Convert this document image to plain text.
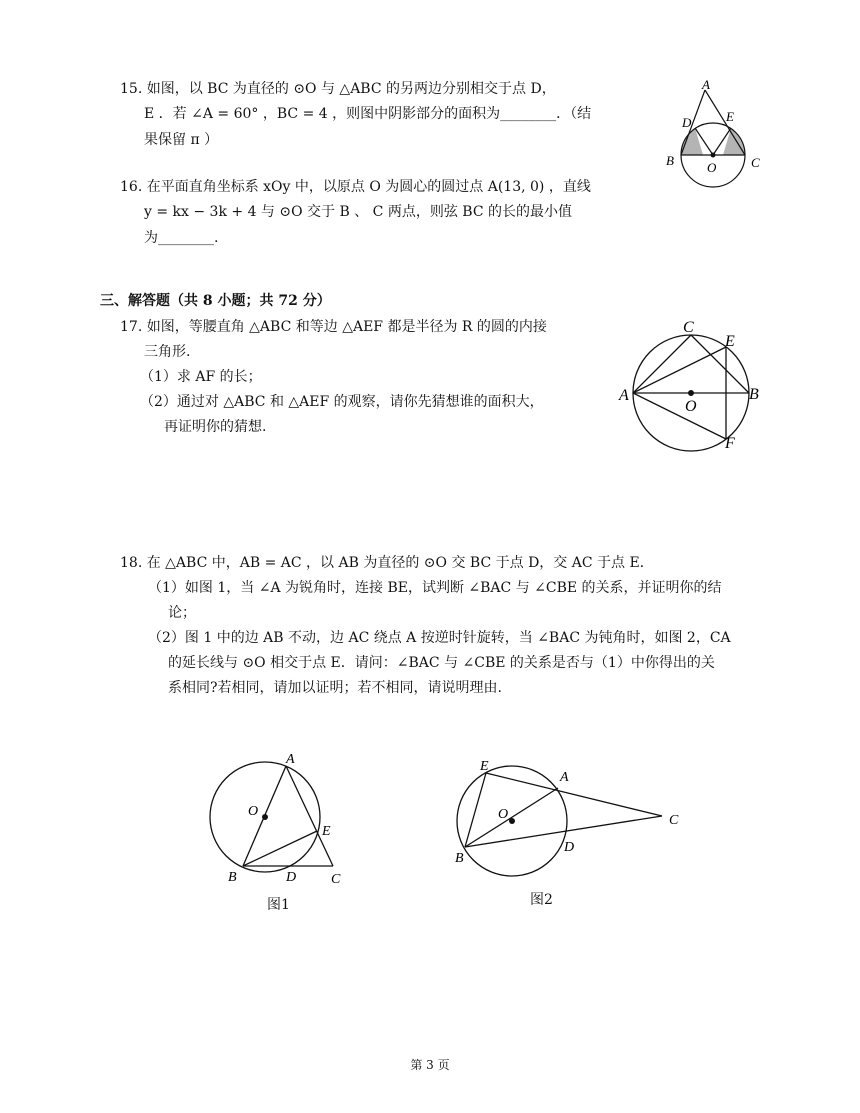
15. 如图，以 BC 为直径的 ⊙O 与 △ABC 的另两边分别相交于点 D，
E ．若 ∠A = 60° ，BC = 4 ，则图中阴影部分的面积为________．（结
果保留 π ）
16. 在平面直角坐标系 xOy 中，以原点 O 为圆心的圆过点 A(13, 0) ，直线
y = kx − 3k + 4 与 ⊙O 交于 B 、 C 两点，则弦 BC 的长的最小值
为________.
A
D	E
B	O	C
三、解答题（共 8 小题；共 72 分）
17. 如图，等腰直角 △ABC 和等边 △AEF 都是半径为 R 的圆的内接
三角形.
（1）求 AF 的长；
（2）通过对 △ABC 和 △AEF 的观察，请你先猜想谁的面积大，
再证明你的猜想.
C
E
A
O
B
F
18. 在 △ABC 中，AB = AC ，以 AB 为直径的 ⊙O 交 BC 于点 D，交 AC 于点 E．
（1）如图 1，当 ∠A 为锐角时，连接 BE，试判断 ∠BAC 与 ∠CBE 的关系，并证明你的结
论；
（2）图 1 中的边 AB 不动，边 AC 绕点 A 按逆时针旋转，当 ∠BAC 为钝角时，如图 2，CA
的延长线与 ⊙O 相交于点 E．请问：∠BAC 与 ∠CBE 的关系是否与（1）中你得出的关
系相同?若相同，请加以证明；若不相同，请说明理由.
A
O
E
B	D C
图1
E
A
O	C
B
D
图2
第 3 页
